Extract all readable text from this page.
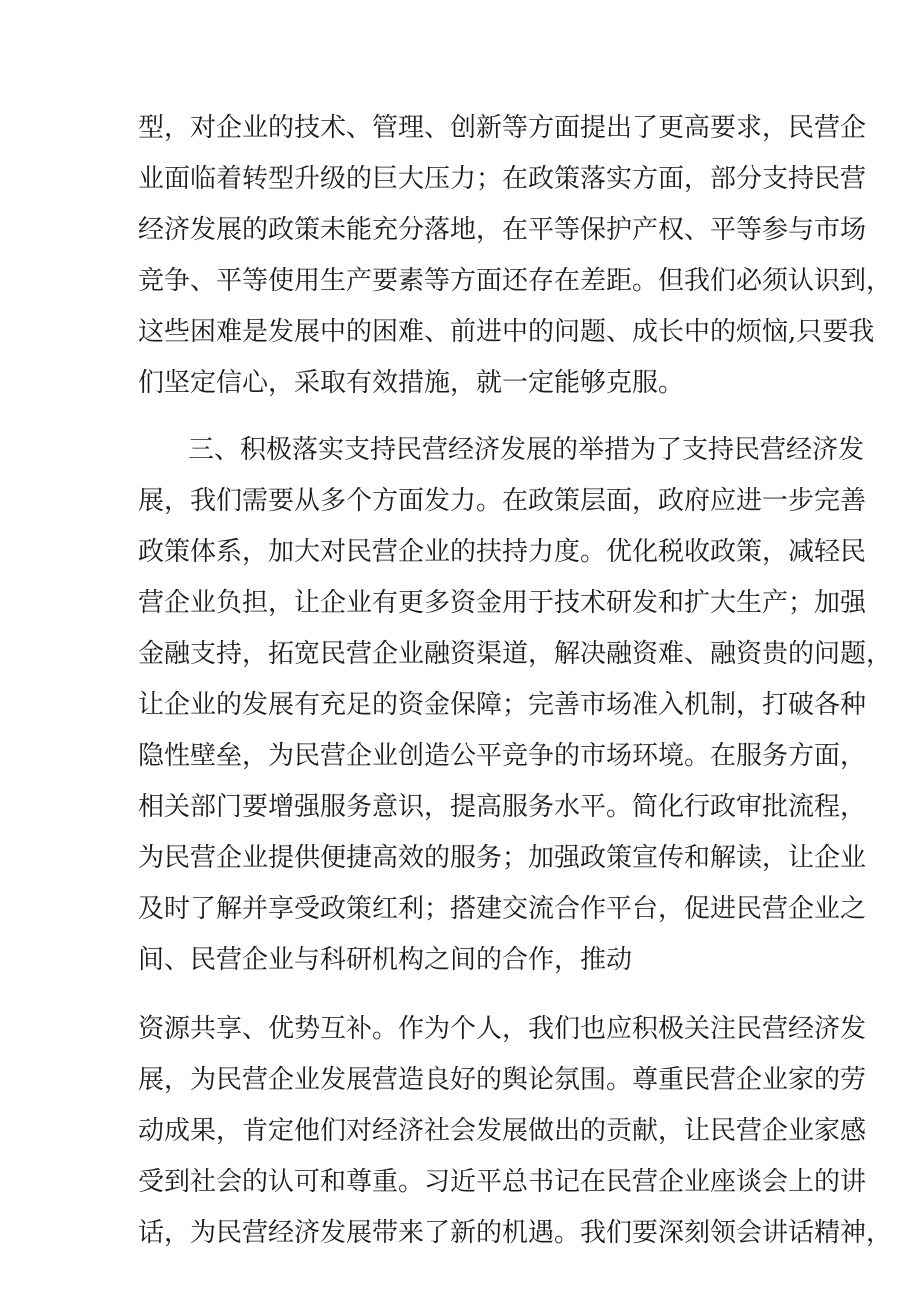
型，对企业的技术、管理、创新等方面提出了更高要求，民营企

业面临着转型升级的巨大压力；在政策落实方面，部分支持民营

经济发展的政策未能充分落地，在平等保护产权、平等参与市场

竞争、平等使用生产要素等方面还存在差距。但我们必须认识到，

这些困难是发展中的困难、前进中的问题、成长中的烦恼,只要我

们坚定信心，采取有效措施，就一定能够克服。

三、积极落实支持民营经济发展的举措为了支持民营经济发

展，我们需要从多个方面发力。在政策层面，政府应进一步完善

政策体系，加大对民营企业的扶持力度。优化税收政策，减轻民

营企业负担，让企业有更多资金用于技术研发和扩大生产；加强

金融支持，拓宽民营企业融资渠道，解决融资难、融资贵的问题，

让企业的发展有充足的资金保障；完善市场准入机制，打破各种

隐性壁垒，为民营企业创造公平竞争的市场环境。在服务方面，

相关部门要增强服务意识，提高服务水平。简化行政审批流程，

为民营企业提供便捷高效的服务；加强政策宣传和解读，让企业

及时了解并享受政策红利；搭建交流合作平台，促进民营企业之

间、民营企业与科研机构之间的合作，推动

资源共享、优势互补。作为个人，我们也应积极关注民营经济发

展，为民营企业发展营造良好的舆论氛围。尊重民营企业家的劳

动成果，肯定他们对经济社会发展做出的贡献，让民营企业家感

受到社会的认可和尊重。习近平总书记在民营企业座谈会上的讲

话，为民营经济发展带来了新的机遇。我们要深刻领会讲话精神，
